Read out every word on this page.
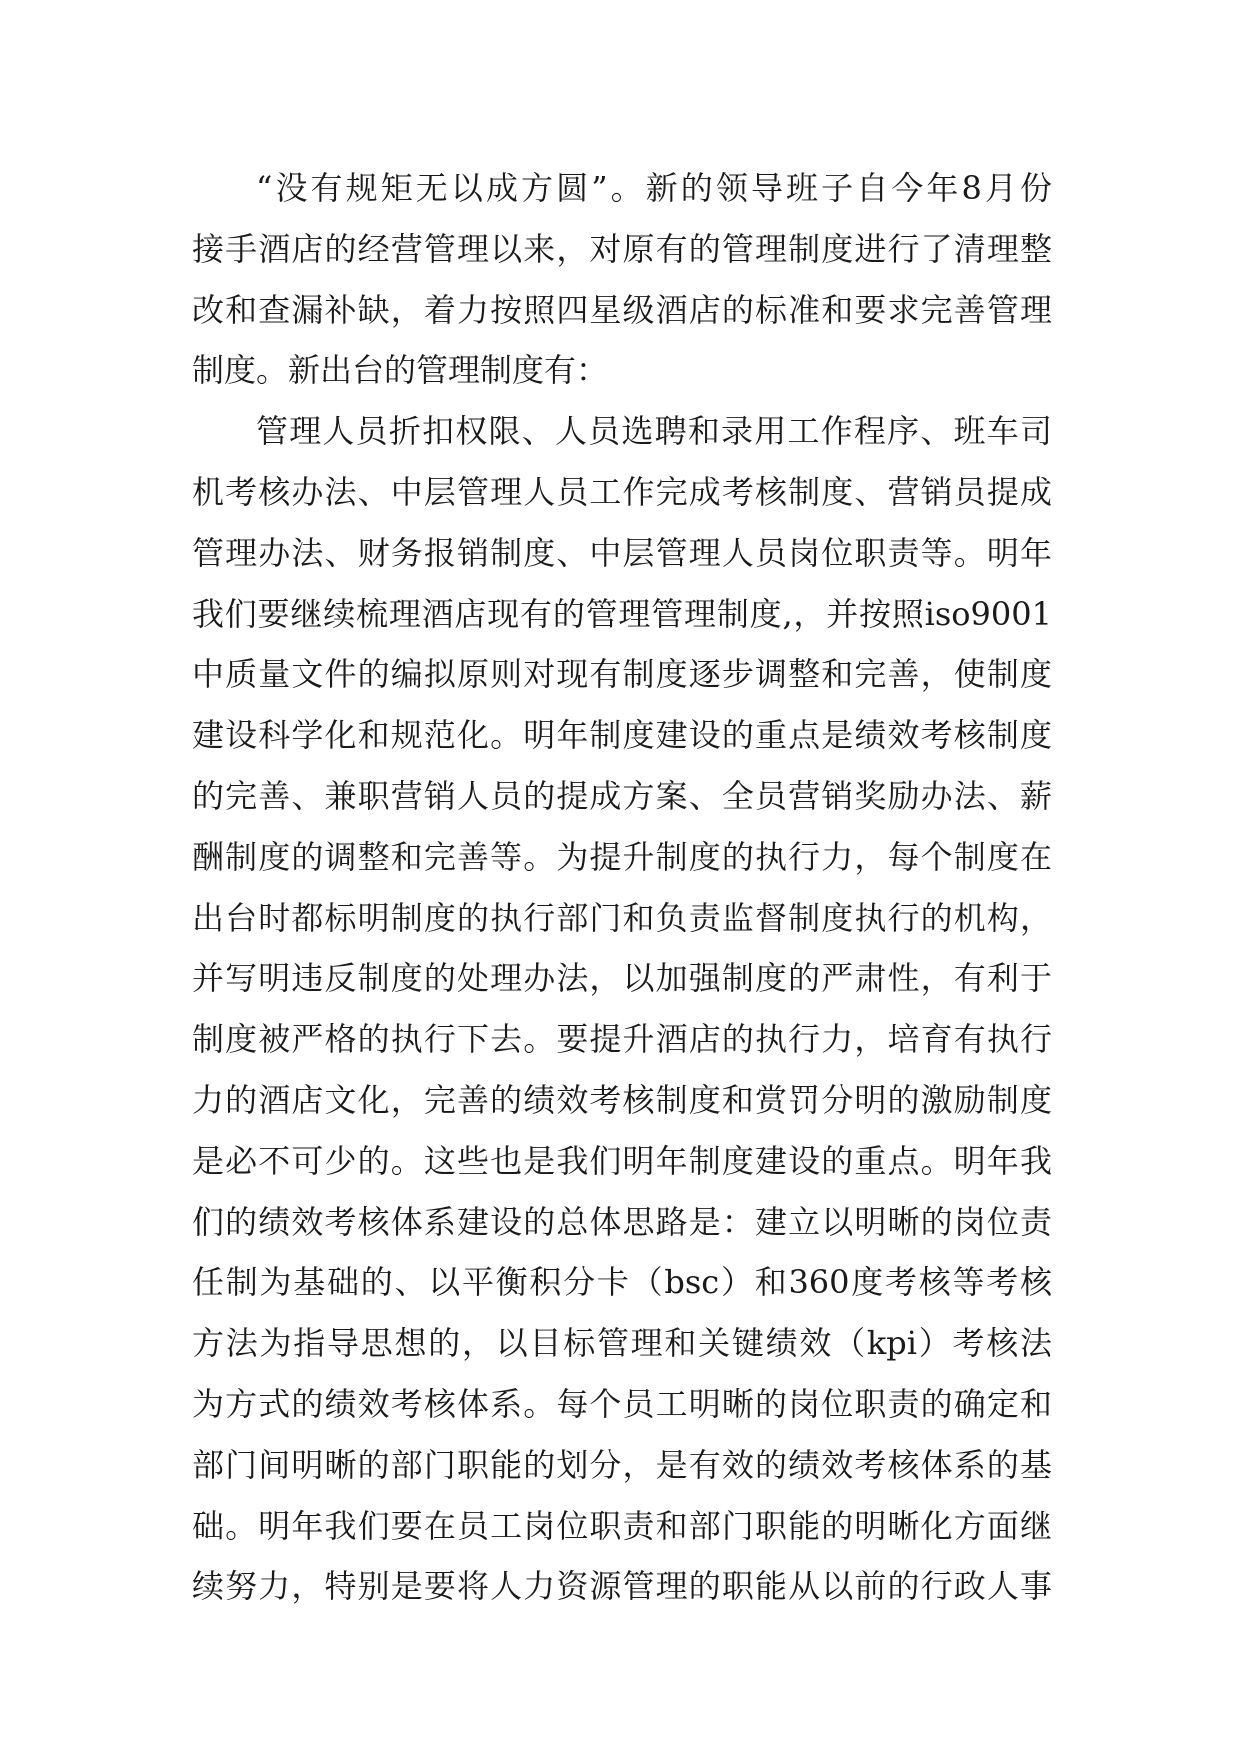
“没有规矩无以成方圆”。新的领导班子自今年8月份
接手酒店的经营管理以来，对原有的管理制度进行了清理整
改和查漏补缺，着力按照四星级酒店的标准和要求完善管理
制度。新出台的管理制度有：
管理人员折扣权限、人员选聘和录用工作程序、班车司
机考核办法、中层管理人员工作完成考核制度、营销员提成
管理办法、财务报销制度、中层管理人员岗位职责等。明年
我们要继续梳理酒店现有的管理管理制度,，并按照iso9001
中质量文件的编拟原则对现有制度逐步调整和完善，使制度
建设科学化和规范化。明年制度建设的重点是绩效考核制度
的完善、兼职营销人员的提成方案、全员营销奖励办法、薪
酬制度的调整和完善等。为提升制度的执行力，每个制度在
出台时都标明制度的执行部门和负责监督制度执行的机构，
并写明违反制度的处理办法，以加强制度的严肃性，有利于
制度被严格的执行下去。要提升酒店的执行力，培育有执行
力的酒店文化，完善的绩效考核制度和赏罚分明的激励制度
是必不可少的。这些也是我们明年制度建设的重点。明年我
们的绩效考核体系建设的总体思路是：建立以明晰的岗位责
任制为基础的、以平衡积分卡（bsc）和360度考核等考核
方法为指导思想的，以目标管理和关键绩效（kpi）考核法
为方式的绩效考核体系。每个员工明晰的岗位职责的确定和
部门间明晰的部门职能的划分，是有效的绩效考核体系的基
础。明年我们要在员工岗位职责和部门职能的明晰化方面继
续努力，特别是要将人力资源管理的职能从以前的行政人事
